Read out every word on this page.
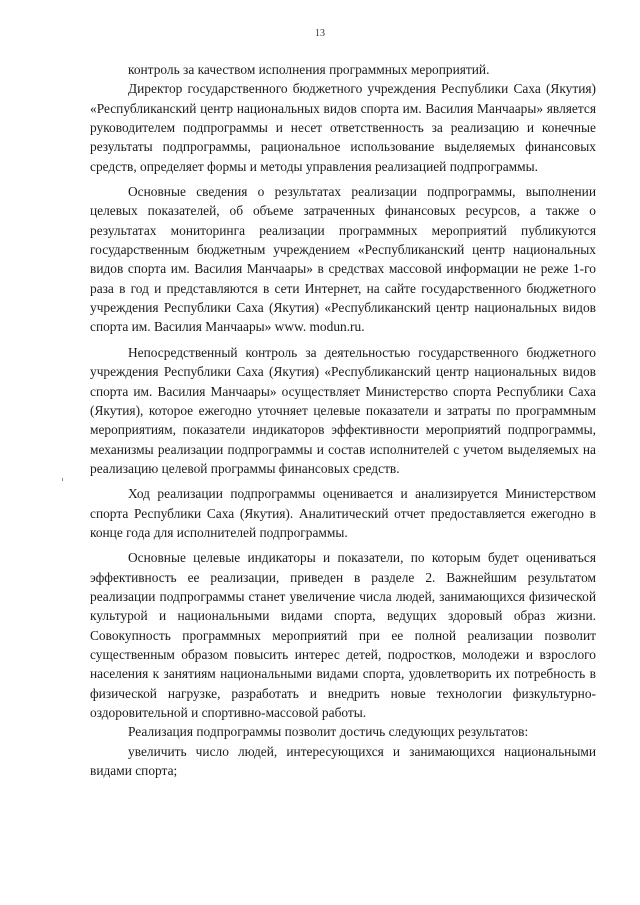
13

контроль за качеством исполнения программных мероприятий.

Директор государственного бюджетного учреждения Республики Саха (Якутия) «Республиканский центр национальных видов спорта им. Василия Манчаары» является руководителем подпрограммы и несет ответственность за реализацию и конечные результаты подпрограммы, рациональное использование выделяемых финансовых средств, определяет формы и методы управления реализацией подпрограммы.

Основные сведения о результатах реализации подпрограммы, выполнении целевых показателей, об объеме затраченных финансовых ресурсов, а также о результатах мониторинга реализации программных мероприятий публикуются государственным бюджетным учреждением «Республиканский центр национальных видов спорта им. Василия Манчаары» в средствах массовой информации не реже 1-го раза в год и представляются в сети Интернет, на сайте государственного бюджетного учреждения Республики Саха (Якутия) «Республиканский центр национальных видов спорта им. Василия Манчаары» www. modun.ru.

Непосредственный контроль за деятельностью государственного бюджетного учреждения Республики Саха (Якутия) «Республиканский центр национальных видов спорта им. Василия Манчаары» осуществляет Министерство спорта Республики Саха (Якутия), которое ежегодно уточняет целевые показатели и затраты по программным мероприятиям, показатели индикаторов эффективности мероприятий подпрограммы, механизмы реализации подпрограммы и состав исполнителей с учетом выделяемых на реализацию целевой программы финансовых средств.

Ход реализации подпрограммы оценивается и анализируется Министерством спорта Республики Саха (Якутия). Аналитический отчет предоставляется ежегодно в конце года для исполнителей подпрограммы.

Основные целевые индикаторы и показатели, по которым будет оцениваться эффективность ее реализации, приведен в разделе 2. Важнейшим результатом реализации подпрограммы станет увеличение числа людей, занимающихся физической культурой и национальными видами спорта, ведущих здоровый образ жизни. Совокупность программных мероприятий при ее полной реализации позволит существенным образом повысить интерес детей, подростков, молодежи и взрослого населения к занятиям национальными видами спорта, удовлетворить их потребность в физической нагрузке, разработать и внедрить новые технологии физкультурно-оздоровительной и спортивно-массовой работы.

Реализация подпрограммы позволит достичь следующих результатов:

увеличить число людей, интересующихся и занимающихся национальными видами спорта;
